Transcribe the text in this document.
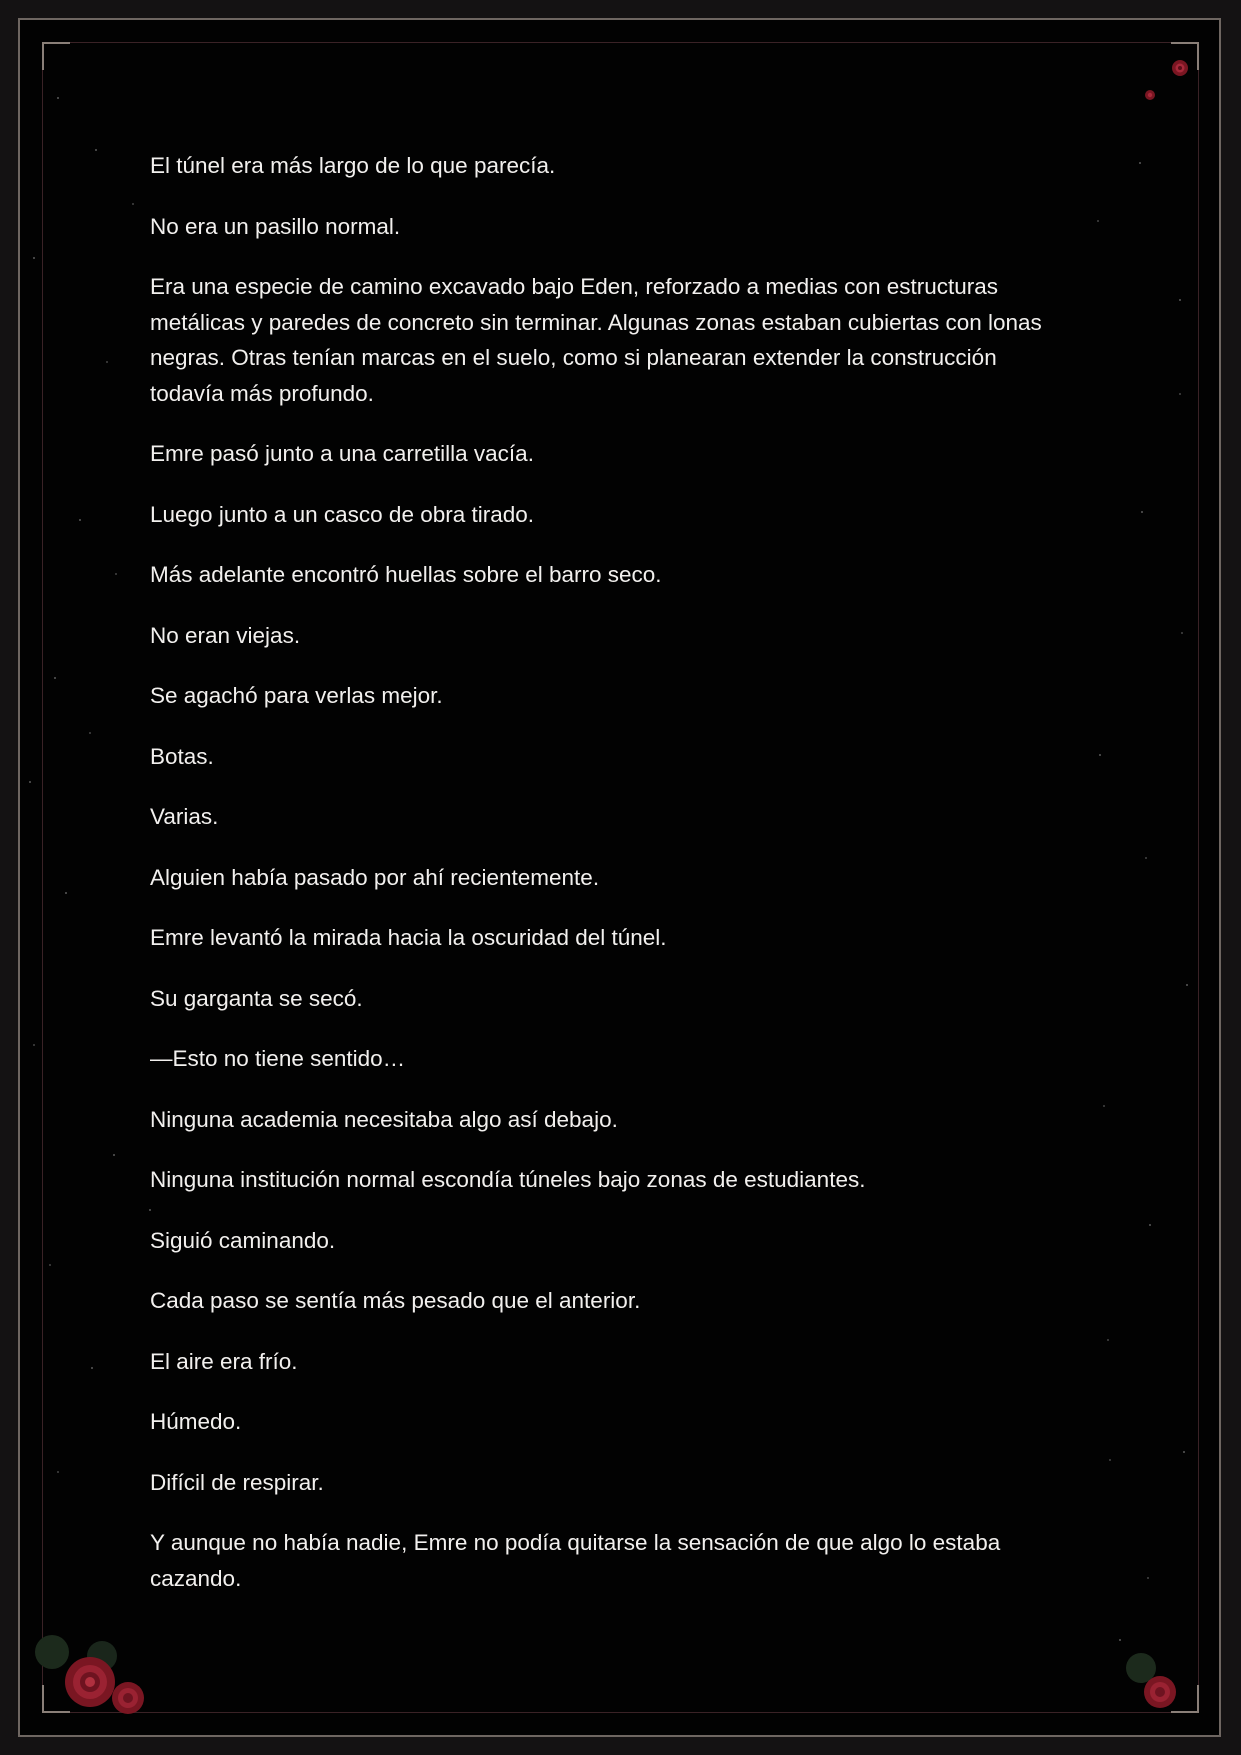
El túnel era más largo de lo que parecía.

No era un pasillo normal.

Era una especie de camino excavado bajo Eden, reforzado a medias con estructuras metálicas y paredes de concreto sin terminar. Algunas zonas estaban cubiertas con lonas negras. Otras tenían marcas en el suelo, como si planearan extender la construcción todavía más profundo.

Emre pasó junto a una carretilla vacía.

Luego junto a un casco de obra tirado.

Más adelante encontró huellas sobre el barro seco.

No eran viejas.

Se agachó para verlas mejor.

Botas.

Varias.

Alguien había pasado por ahí recientemente.

Emre levantó la mirada hacia la oscuridad del túnel.

Su garganta se secó.

—Esto no tiene sentido…

Ninguna academia necesitaba algo así debajo.

Ninguna institución normal escondía túneles bajo zonas de estudiantes.

Siguió caminando.

Cada paso se sentía más pesado que el anterior.

El aire era frío.

Húmedo.

Difícil de respirar.

Y aunque no había nadie, Emre no podía quitarse la sensación de que algo lo estaba cazando.
